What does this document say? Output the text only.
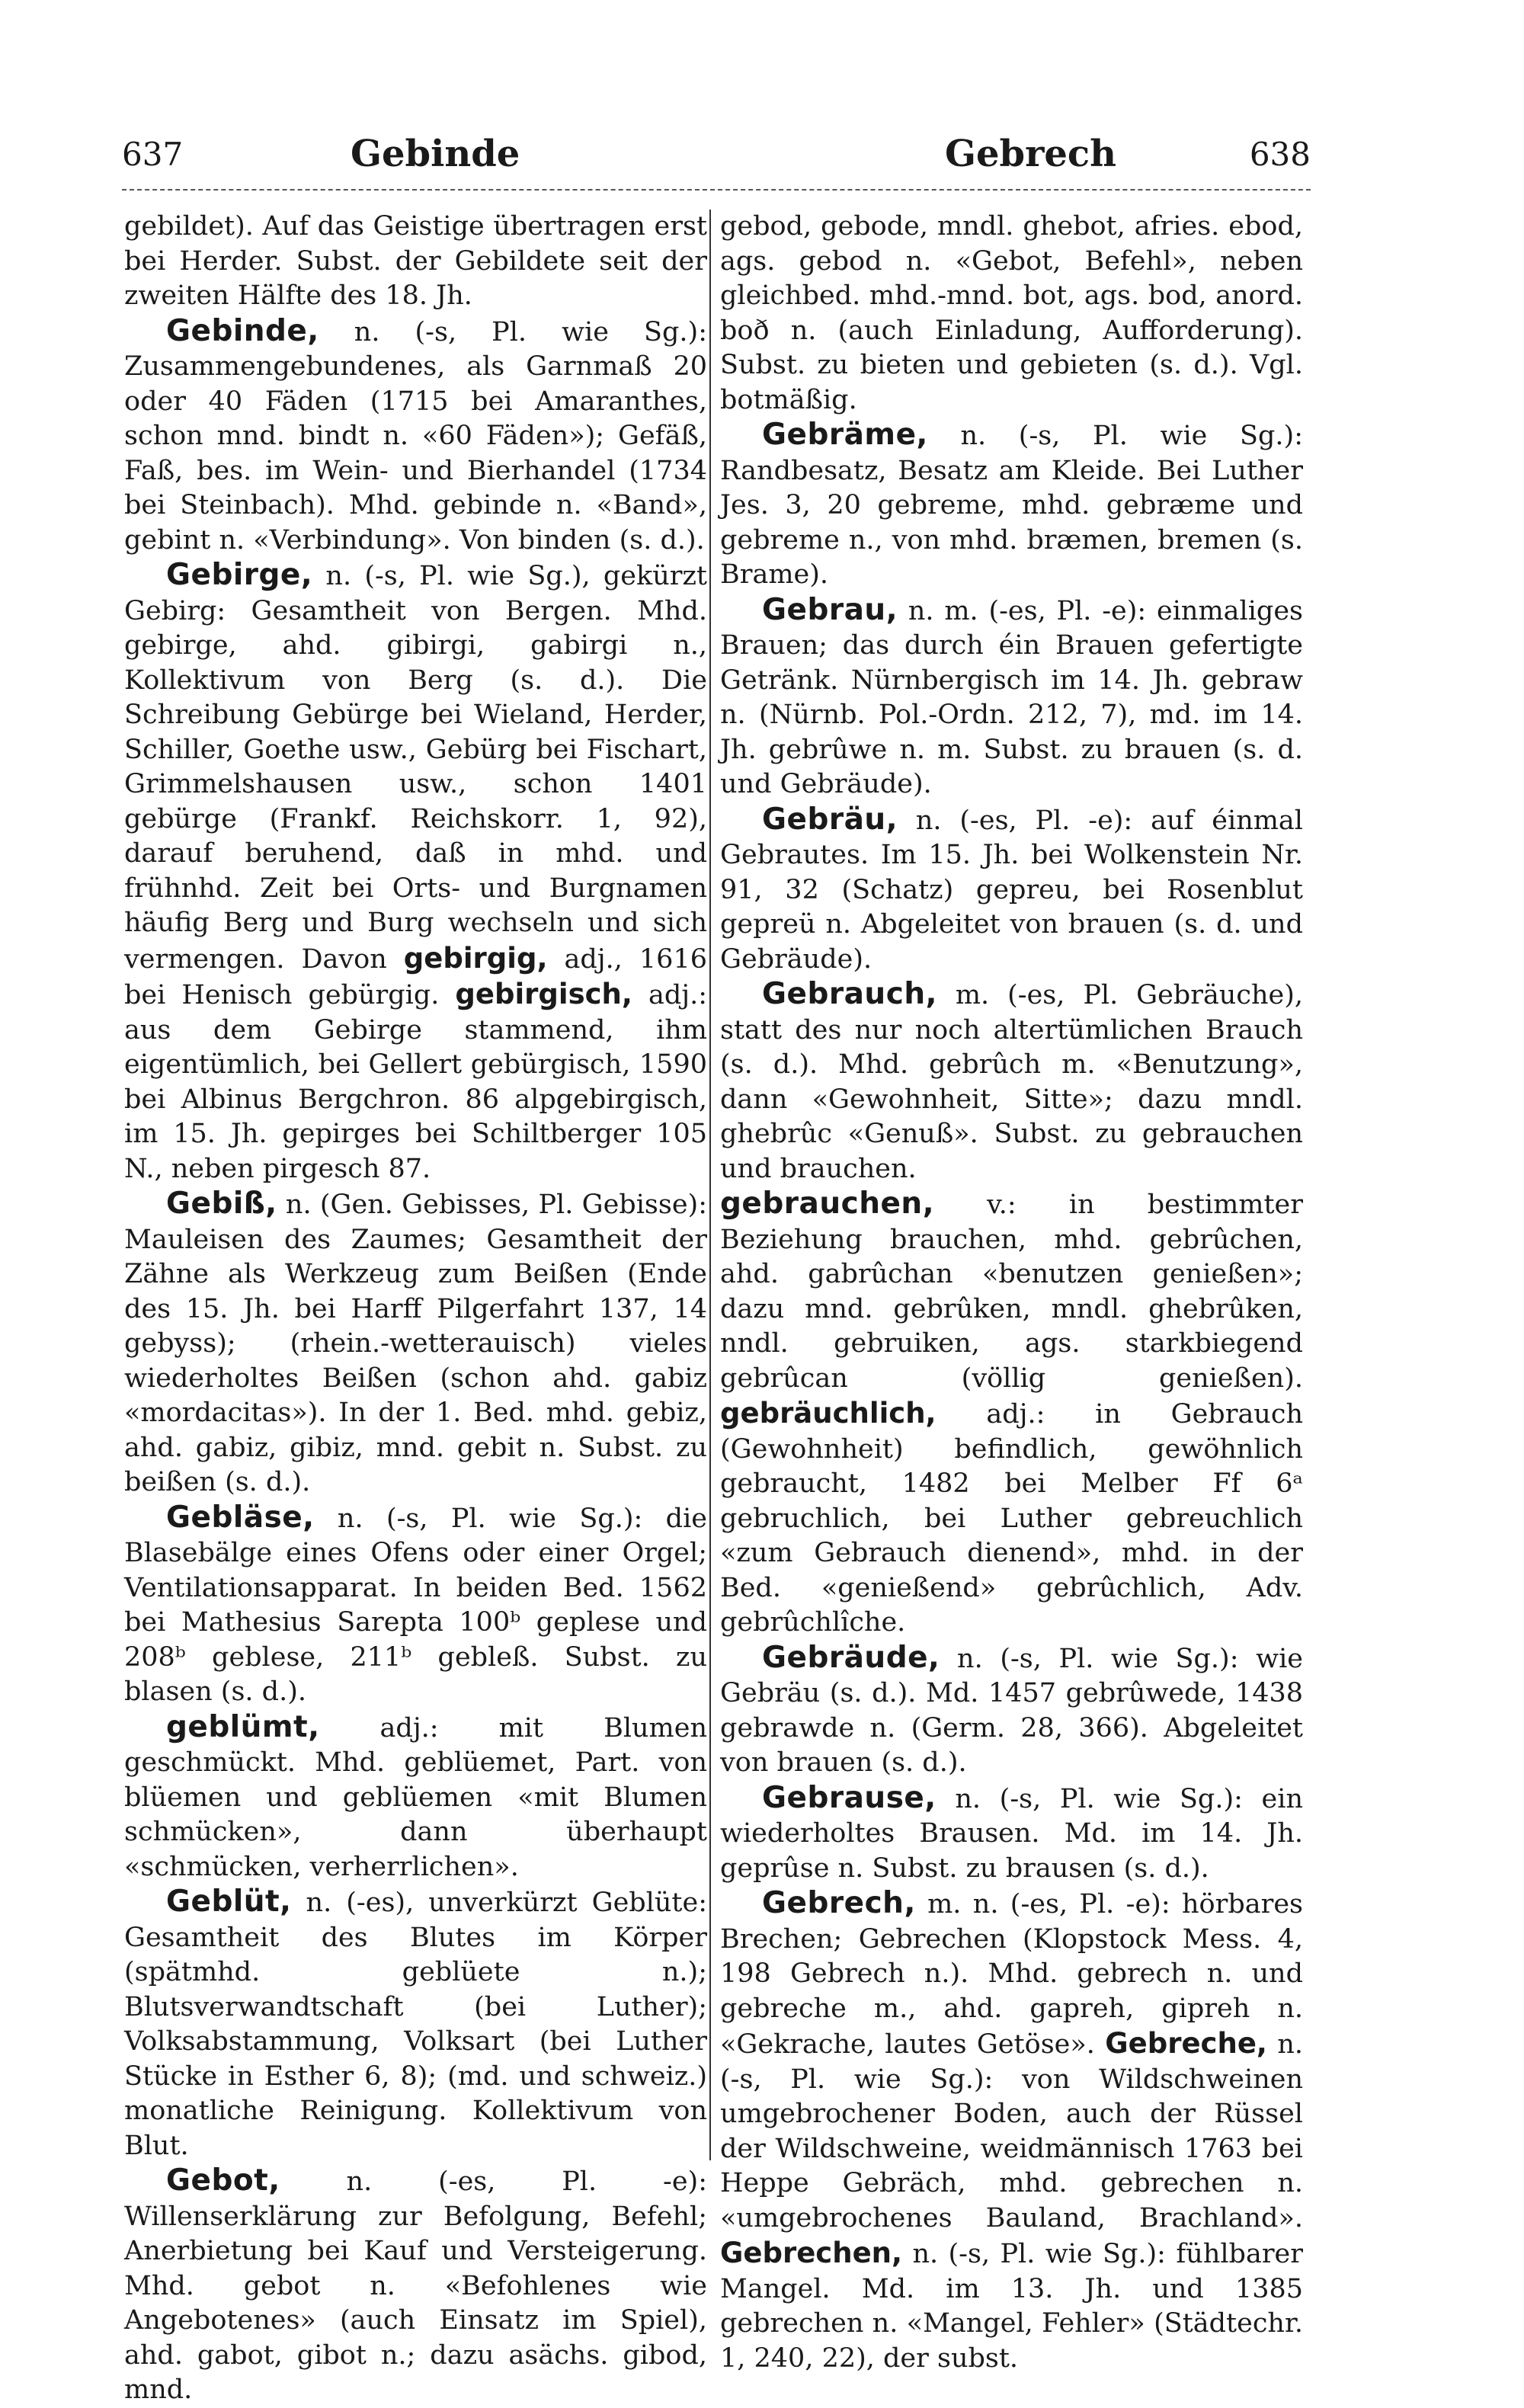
637	Gebinde	Gebrech	638

gebildet). Auf das Geistige übertragen erst bei Herder. Subst. der Gebildete seit der zweiten Hälfte des 18. Jh.

Gebinde, n. (-s, Pl. wie Sg.): Zusammengebundenes, als Garnmaß 20 oder 40 Fäden (1715 bei Amaranthes, schon mnd. bindt n. «60 Fäden»); Gefäß, Faß, bes. im Wein- und Bierhandel (1734 bei Steinbach). Mhd. gebinde n. «Band», gebint n. «Verbindung». Von binden (s. d.).

Gebirge, n. (-s, Pl. wie Sg.), gekürzt Gebirg: Gesamtheit von Bergen. Mhd. gebirge, ahd. gibirgi, gabirgi n., Kollektivum von Berg (s. d.). Die Schreibung Gebürge bei Wieland, Herder, Schiller, Goethe usw., Gebürg bei Fischart, Grimmelshausen usw., schon 1401 gebürge (Frankf. Reichskorr. 1, 92), darauf beruhend, daß in mhd. und frühnhd. Zeit bei Orts- und Burgnamen häufig Berg und Burg wechseln und sich vermengen. Davon gebirgig, adj., 1616 bei Henisch gebürgig. gebirgisch, adj.: aus dem Gebirge stammend, ihm eigentümlich, bei Gellert gebürgisch, 1590 bei Albinus Bergchron. 86 alpgebirgisch, im 15. Jh. gepirges bei Schiltberger 105 N., neben pirgesch 87.

Gebiß, n. (Gen. Gebisses, Pl. Gebisse): Mauleisen des Zaumes; Gesamtheit der Zähne als Werkzeug zum Beißen (Ende des 15. Jh. bei Harff Pilgerfahrt 137, 14 gebyss); (rhein.-wetterauisch) vieles wiederholtes Beißen (schon ahd. gabiz «mordacitas»). In der 1. Bed. mhd. gebiz, ahd. gabiz, gibiz, mnd. gebit n. Subst. zu beißen (s. d.).

Gebläse, n. (-s, Pl. wie Sg.): die Blasebälge eines Ofens oder einer Orgel; Ventilationsapparat. In beiden Bed. 1562 bei Mathesius Sarepta 100ᵇ geplese und 208ᵇ geblese, 211ᵇ gebleß. Subst. zu blasen (s. d.).

geblümt, adj.: mit Blumen geschmückt. Mhd. geblüemet, Part. von blüemen und geblüemen «mit Blumen schmücken», dann überhaupt «schmücken, verherrlichen».

Geblüt, n. (-es), unverkürzt Geblüte: Gesamtheit des Blutes im Körper (spätmhd. geblüete n.); Blutsverwandtschaft (bei Luther); Volksabstammung, Volksart (bei Luther Stücke in Esther 6, 8); (md. und schweiz.) monatliche Reinigung. Kollektivum von Blut.

Gebot, n. (-es, Pl. -e): Willenserklärung zur Befolgung, Befehl; Anerbietung bei Kauf und Versteigerung. Mhd. gebot n. «Befohlenes wie Angebotenes» (auch Einsatz im Spiel), ahd. gabot, gibot n.; dazu asächs. gibod, mnd.

gebod, gebode, mndl. ghebot, afries. ebod, ags. gebod n. «Gebot, Befehl», neben gleichbed. mhd.-mnd. bot, ags. bod, anord. boð n. (auch Einladung, Aufforderung). Subst. zu bieten und gebieten (s. d.). Vgl. botmäßig.

Gebräme, n. (-s, Pl. wie Sg.): Randbesatz, Besatz am Kleide. Bei Luther Jes. 3, 20 gebreme, mhd. gebræme und gebreme n., von mhd. bræmen, bremen (s. Brame).

Gebrau, n. m. (-es, Pl. -e): einmaliges Brauen; das durch éin Brauen gefertigte Getränk. Nürnbergisch im 14. Jh. gebraw n. (Nürnb. Pol.-Ordn. 212, 7), md. im 14. Jh. gebrûwe n. m. Subst. zu brauen (s. d. und Gebräude).

Gebräu, n. (-es, Pl. -e): auf éinmal Gebrautes. Im 15. Jh. bei Wolkenstein Nr. 91, 32 (Schatz) gepreu, bei Rosenblut gepreü n. Abgeleitet von brauen (s. d. und Gebräude).

Gebrauch, m. (-es, Pl. Gebräuche), statt des nur noch altertümlichen Brauch (s. d.). Mhd. gebrûch m. «Benutzung», dann «Gewohnheit, Sitte»; dazu mndl. ghebrûc «Genuß». Subst. zu gebrauchen und brauchen.

gebrauchen, v.: in bestimmter Beziehung brauchen, mhd. gebrûchen, ahd. gabrûchan «benutzen genießen»; dazu mnd. gebrûken, mndl. ghebrûken, nndl. gebruiken, ags. starkbiegend gebrûcan (völlig genießen). gebräuchlich, adj.: in Gebrauch (Gewohnheit) befindlich, gewöhnlich gebraucht, 1482 bei Melber Ff 6ᵃ gebruchlich, bei Luther gebreuchlich «zum Gebrauch dienend», mhd. in der Bed. «genießend» gebrûchlich, Adv. gebrûchlîche.

Gebräude, n. (-s, Pl. wie Sg.): wie Gebräu (s. d.). Md. 1457 gebrûwede, 1438 gebrawde n. (Germ. 28, 366). Abgeleitet von brauen (s. d.).

Gebrause, n. (-s, Pl. wie Sg.): ein wiederholtes Brausen. Md. im 14. Jh. geprûse n. Subst. zu brausen (s. d.).

Gebrech, m. n. (-es, Pl. -e): hörbares Brechen; Gebrechen (Klopstock Mess. 4, 198 Gebrech n.). Mhd. gebrech n. und gebreche m., ahd. gapreh, gipreh n. «Gekrache, lautes Getöse». Gebreche, n. (-s, Pl. wie Sg.): von Wildschweinen umgebrochener Boden, auch der Rüssel der Wildschweine, weidmännisch 1763 bei Heppe Gebräch, mhd. gebrechen n. «umgebrochenes Bauland, Brachland». Gebrechen, n. (-s, Pl. wie Sg.): fühlbarer Mangel. Md. im 13. Jh. und 1385 gebrechen n. «Mangel, Fehler» (Städtechr. 1, 240, 22), der subst.
